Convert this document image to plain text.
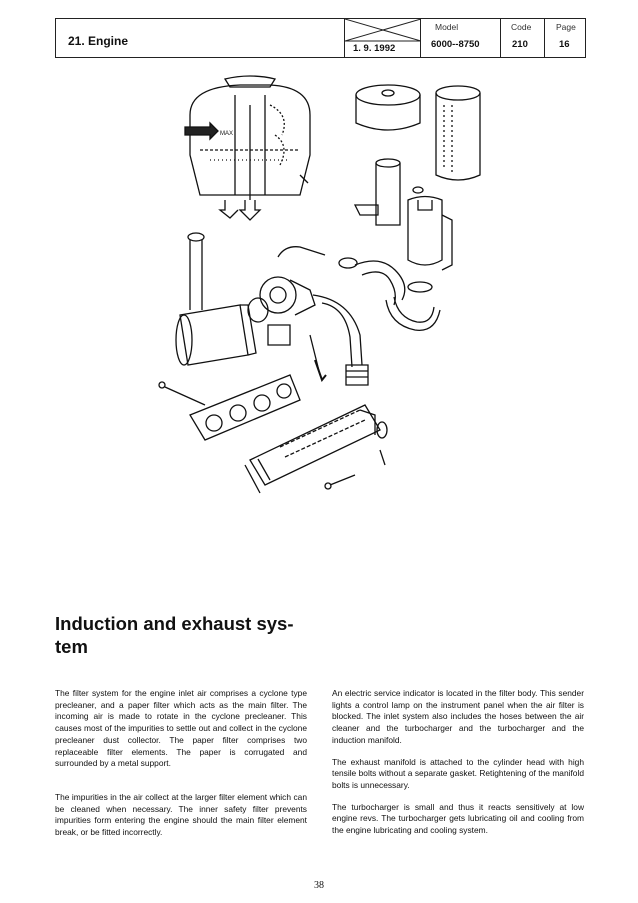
21. Engine
1. 9. 1992
Model
6000--8750
Code
210
Page
16
MAX
Induction and exhaust sys-tem

The filter system for the engine inlet air comprises a cyclone type precleaner, and a paper filter which acts as the main filter. The incoming air is made to rotate in the cyclone precleaner. This causes most of the impurities to settle out and collect in the cyclone precleaner dust collector. The paper filter comprises two replaceable filter elements. The paper is corrugated and surrounded by a metal support.

The impurities in the air collect at the larger filter element which can be cleaned when necessary. The inner safety filter prevents impurities form entering the engine should the main filter element break, or be fitted incorrectly.

An electric service indicator is located in the filter body. This sender lights a control lamp on the instrument panel when the air filter is blocked. The inlet system also includes the hoses between the air cleaner and the turbocharger and the turbocharger and the induction manifold.

The exhaust manifold is attached to the cylinder head with high tensile bolts without a separate gasket. Retightening of the manifold bolts is unnecessary.

The turbocharger is small and thus it reacts sensitively at low engine revs. The turbocharger gets lubricating oil and cooling from the engine lubricating and cooling system.

38
